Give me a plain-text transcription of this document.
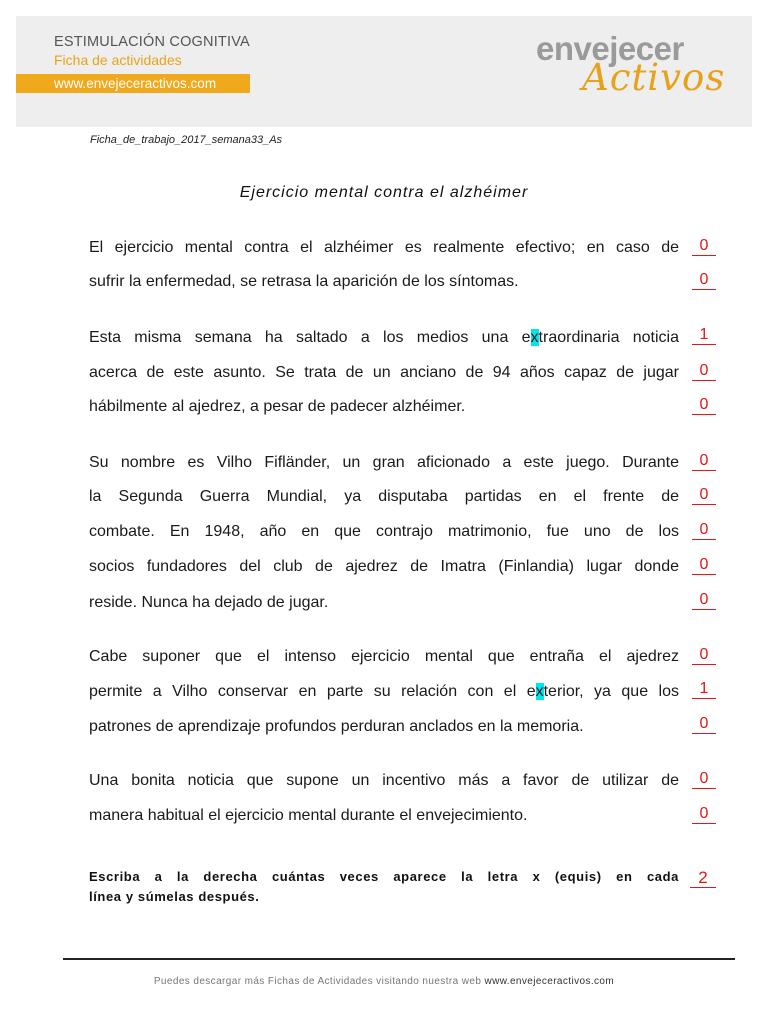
ESTIMULACIÓN COGNITIVA
Ficha de actividades
www.envejeceractivos.com
envejecer
Activos
Ficha_de_trabajo_2017_semana33_As
Ejercicio mental contra el alzhéimer
El ejercicio mental contra el alzhéimer es realmente efectivo; en caso de	0
sufrir la enfermedad, se retrasa la aparición de los síntomas.	0
Esta misma semana ha saltado a los medios una extraordinaria noticia	1
acerca de este asunto. Se trata de un anciano de 94 años capaz de jugar	0
hábilmente al ajedrez, a pesar de padecer alzhéimer.	0
Su nombre es Vilho Fifländer, un gran aficionado a este juego. Durante	0
la Segunda Guerra Mundial, ya disputaba partidas en el frente de	0
combate. En 1948, año en que contrajo matrimonio, fue uno de los	0
socios fundadores del club de ajedrez de Imatra (Finlandia) lugar donde	0
reside. Nunca ha dejado de jugar.	0
Cabe suponer que el intenso ejercicio mental que entraña el ajedrez	0
permite a Vilho conservar en parte su relación con el exterior, ya que los	1
patrones de aprendizaje profundos perduran anclados en la memoria.	0
Una bonita noticia que supone un incentivo más a favor de utilizar de	0
manera habitual el ejercicio mental durante el envejecimiento.	0
Escriba a la derecha cuántas veces aparece la letra x (equis) en cada
línea y súmelas después.
2
Puedes descargar más Fichas de Actividades visitando nuestra web www.envejeceractivos.com
